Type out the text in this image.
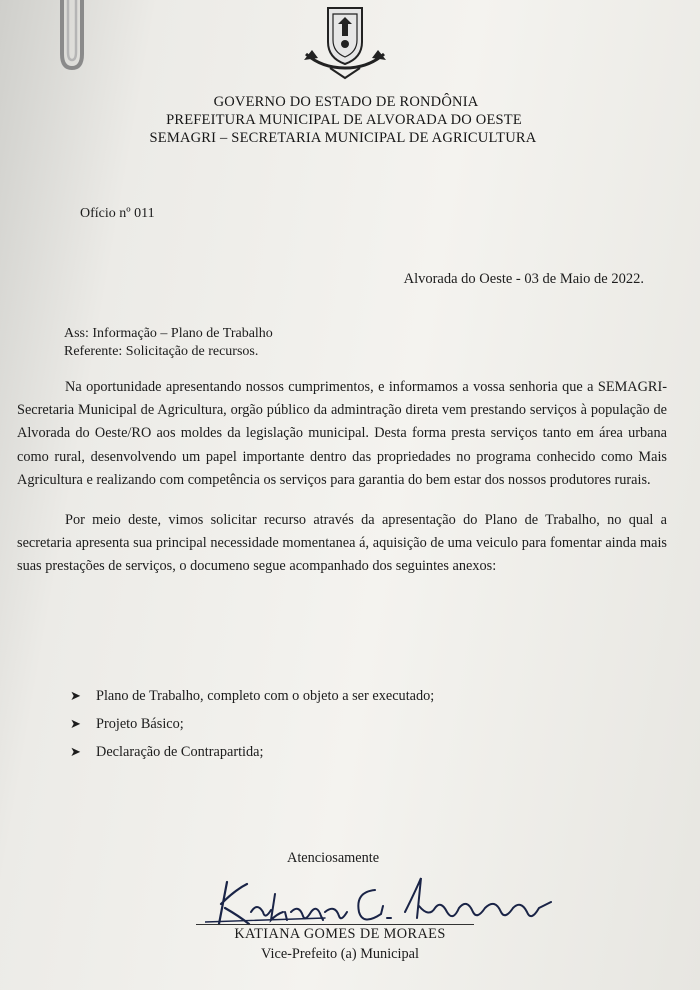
GOVERNO DO ESTADO DE RONDÔNIA
PREFEITURA MUNICIPAL DE ALVORADA DO OESTE
SEMAGRI – SECRETARIA MUNICIPAL DE AGRICULTURA
Ofício nº 011
Alvorada do Oeste - 03 de Maio de 2022.
Ass: Informação – Plano de Trabalho
Referente: Solicitação de recursos.

Na oportunidade apresentando nossos cumprimentos, e informamos a vossa senhoria que a SEMAGRI- Secretaria Municipal de Agricultura, orgão público da admintração direta vem prestando serviços à população de Alvorada do Oeste/RO aos moldes da legislação municipal. Desta forma presta serviços tanto em área urbana como rural, desenvolvendo um papel importante dentro das propriedades no programa conhecido como Mais Agricultura e realizando com competência os serviços para garantia do bem estar dos nossos produtores rurais.

Por meio deste, vimos solicitar recurso através da apresentação do Plano de Trabalho, no qual a secretaria apresenta sua principal necessidade momentanea á, aquisição de uma veiculo para fomentar ainda mais suas prestações de serviços, o documeno segue acompanhado dos seguintes anexos:

➤	Plano de Trabalho, completo com o objeto a ser executado;
➤	Projeto Básico;
➤	Declaração de Contrapartida;
Atenciosamente
KATIANA GOMES DE MORAES
Vice-Prefeito (a) Municipal
